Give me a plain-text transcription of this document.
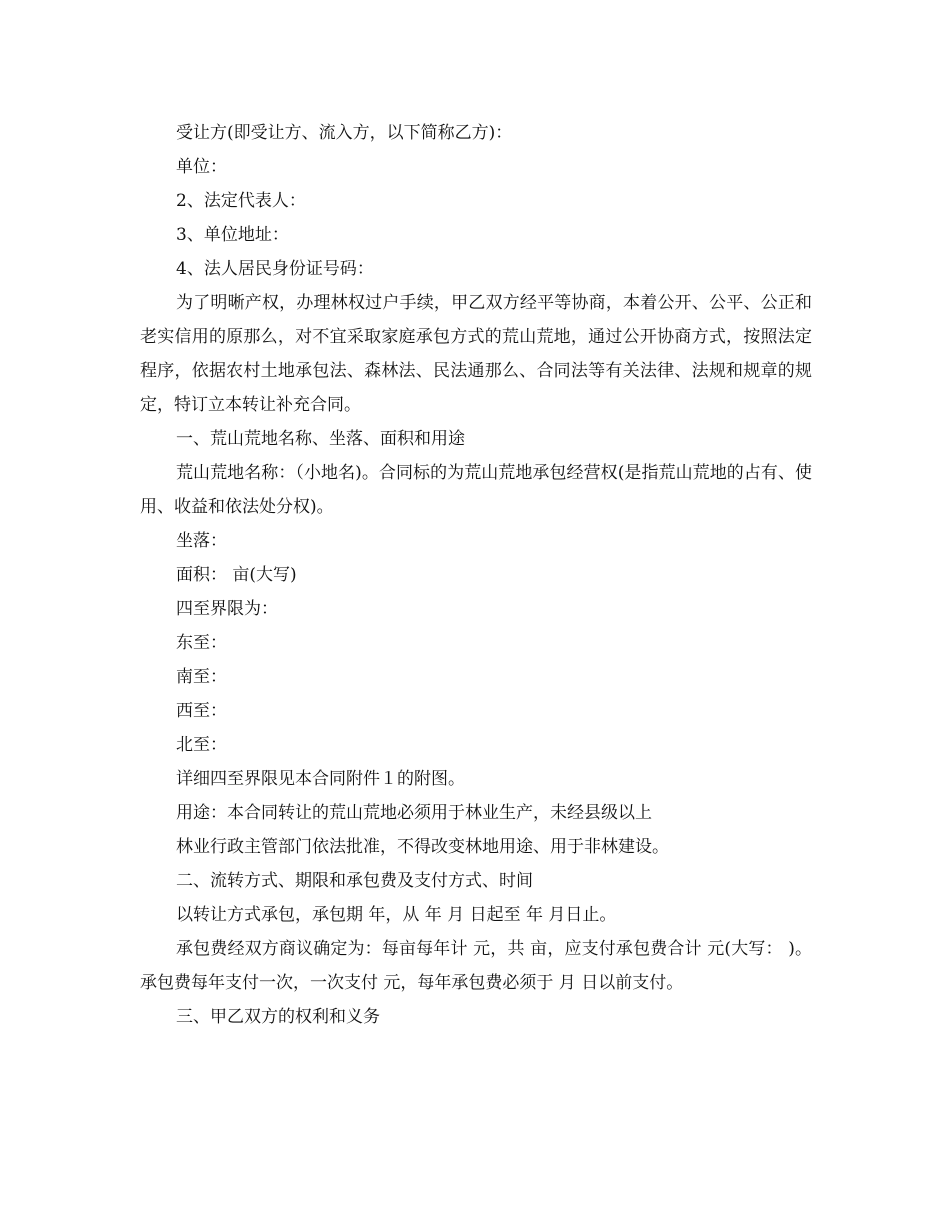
受让方(即受让方、流入方，以下简称乙方)：

单位：

2、法定代表人：

3、单位地址：

4、法人居民身份证号码：

为了明晰产权，办理林权过户手续，甲乙双方经平等协商，本着公开、公平、公正和老实信用的原那么，对不宜采取家庭承包方式的荒山荒地，通过公开协商方式，按照法定程序，依据农村土地承包法、森林法、民法通那么、合同法等有关法律、法规和规章的规定，特订立本转让补充合同。

一、荒山荒地名称、坐落、面积和用途

荒山荒地名称：（小地名)。合同标的为荒山荒地承包经营权(是指荒山荒地的占有、使用、收益和依法处分权)。

坐落：

面积： 亩(大写)

四至界限为：

东至：

南至：

西至：

北至：

详细四至界限见本合同附件１的附图。

用途：本合同转让的荒山荒地必须用于林业生产，未经县级以上

林业行政主管部门依法批准，不得改变林地用途、用于非林建设。

二、流转方式、期限和承包费及支付方式、时间

以转让方式承包，承包期 年，从 年 月 日起至 年 月日止。

承包费经双方商议确定为：每亩每年计 元，共 亩，应支付承包费合计 元(大写： )。承包费每年支付一次，一次支付 元，每年承包费必须于 月 日以前支付。

三、甲乙双方的权利和义务
